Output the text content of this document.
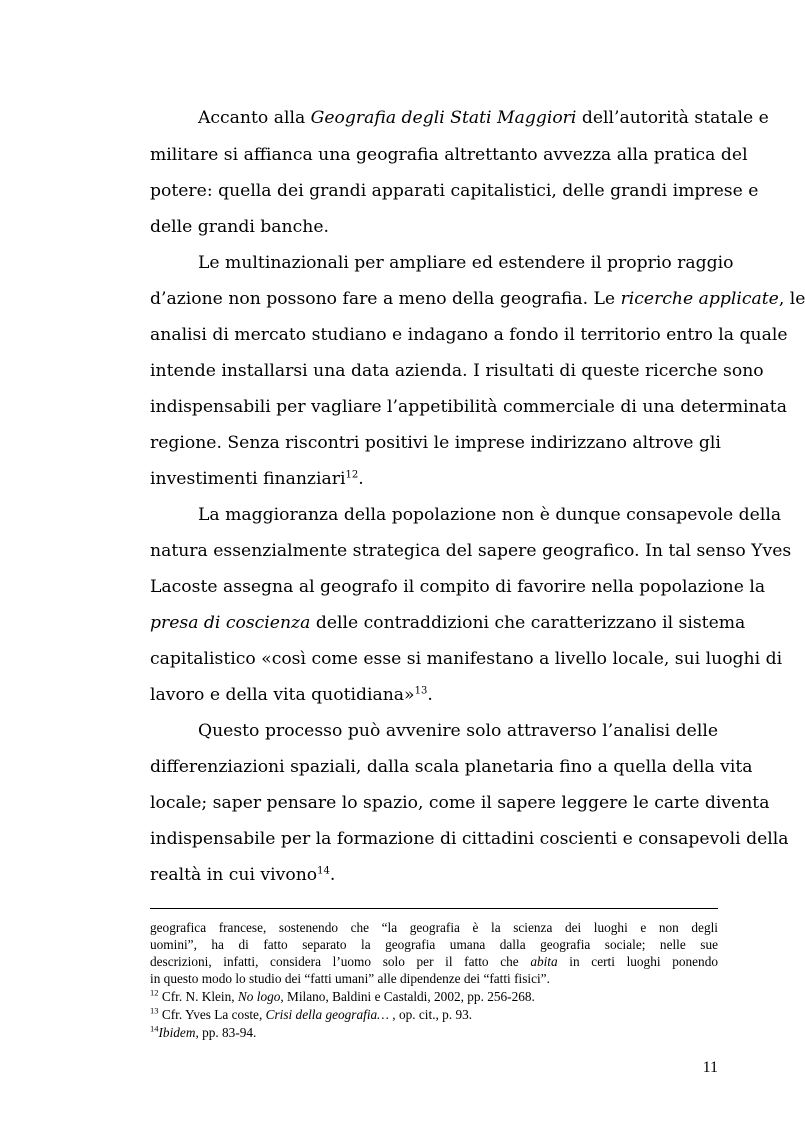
Accanto alla Geografia degli Stati Maggiori dell’autorità statale e
militare si affianca una geografia altrettanto avvezza alla pratica del
potere: quella dei grandi apparati capitalistici, delle grandi imprese e
delle grandi banche.
Le multinazionali per ampliare ed estendere il proprio raggio
d’azione non possono fare a meno della geografia. Le ricerche applicate, le
analisi di mercato studiano e indagano a fondo il territorio entro la quale
intende installarsi una data azienda. I risultati di queste ricerche sono
indispensabili per vagliare l’appetibilità commerciale di una determinata
regione. Senza riscontri positivi le imprese indirizzano altrove gli
investimenti finanziari$^{12}$.
La maggioranza della popolazione non è dunque consapevole della
natura essenzialmente strategica del sapere geografico. In tal senso Yves
Lacoste assegna al geografo il compito di favorire nella popolazione la
presa di coscienza delle contraddizioni che caratterizzano il sistema
capitalistico «così come esse si manifestano a livello locale, sui luoghi di
lavoro e della vita quotidiana»$^{13}$.
Questo processo può avvenire solo attraverso l’analisi delle
differenziazioni spaziali, dalla scala planetaria fino a quella della vita
locale; saper pensare lo spazio, come il sapere leggere le carte diventa
indispensabile per la formazione di cittadini coscienti e consapevoli della
realtà in cui vivono$^{14}$.
geografica francese, sostenendo che “la geografia è la scienza dei luoghi e non degli
uomini”, ha di fatto separato la geografia umana dalla geografia sociale; nelle sue
descrizioni, infatti, considera l’uomo solo per il fatto che abita in certi luoghi ponendo
in questo modo lo studio dei “fatti umani” alle dipendenze dei “fatti fisici”.
$^{12}$ Cfr. N. Klein, No logo, Milano, Baldini e Castaldi, 2002, pp. 256-268.
$^{13}$ Cfr. Yves La coste, Crisi della geografia… , op. cit., p. 93.
$^{14}$Ibidem, pp. 83-94.
11
